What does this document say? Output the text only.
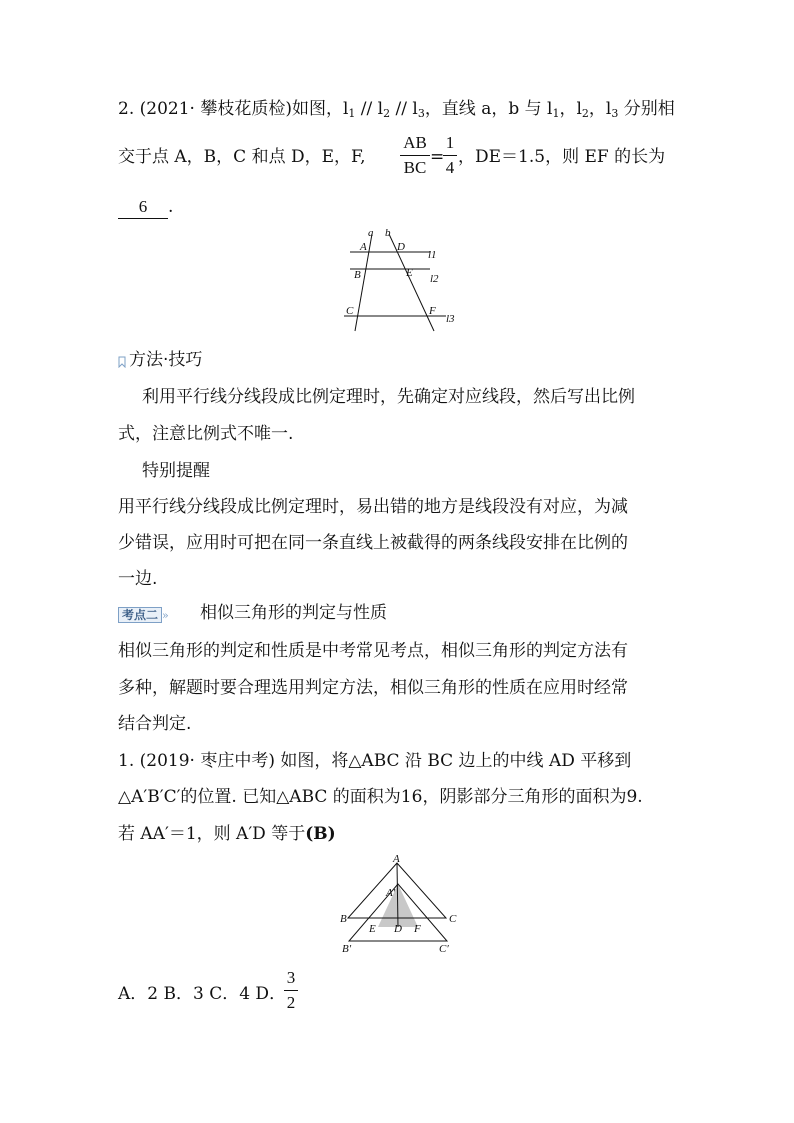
2. (2021· 攀枝花质检)如图，$l_1 // l_2 // l_3$，直线 a，b 与 $l_1$，$l_2$，$l_3$ 分别相
交于点 A，B，C 和点 D，E，F,
AB
BC
=
1
4
，DE＝1.5，则 EF 的长为
6 .
a b
A	D
l1
B	E l2
C	F
l3
方法·技巧
利用平行线分线段成比例定理时，先确定对应线段，然后写出比例
式，注意比例式不唯一.
特别提醒
用平行线分线段成比例定理时，易出错的地方是线段没有对应，为减
少错误，应用时可把在同一条直线上被截得的两条线段安排在比例的
一边.
考点二 » 相似三角形的判定与性质
相似三角形的判定和性质是中考常见考点，相似三角形的判定方法有
多种，解题时要合理选用判定方法，相似三角形的性质在应用时经常
结合判定.
1. (2019· 枣庄中考) 如图，将△ABC 沿 BC 边上的中线 AD 平移到
△A′B′C′的位置. 已知△ABC 的面积为16，阴影部分三角形的面积为9.
若 AA′＝1，则 A′D 等于(B)
A
A′
B	C
E D F
B′	C′
A．2 B．3 C．4 D．
3
2
